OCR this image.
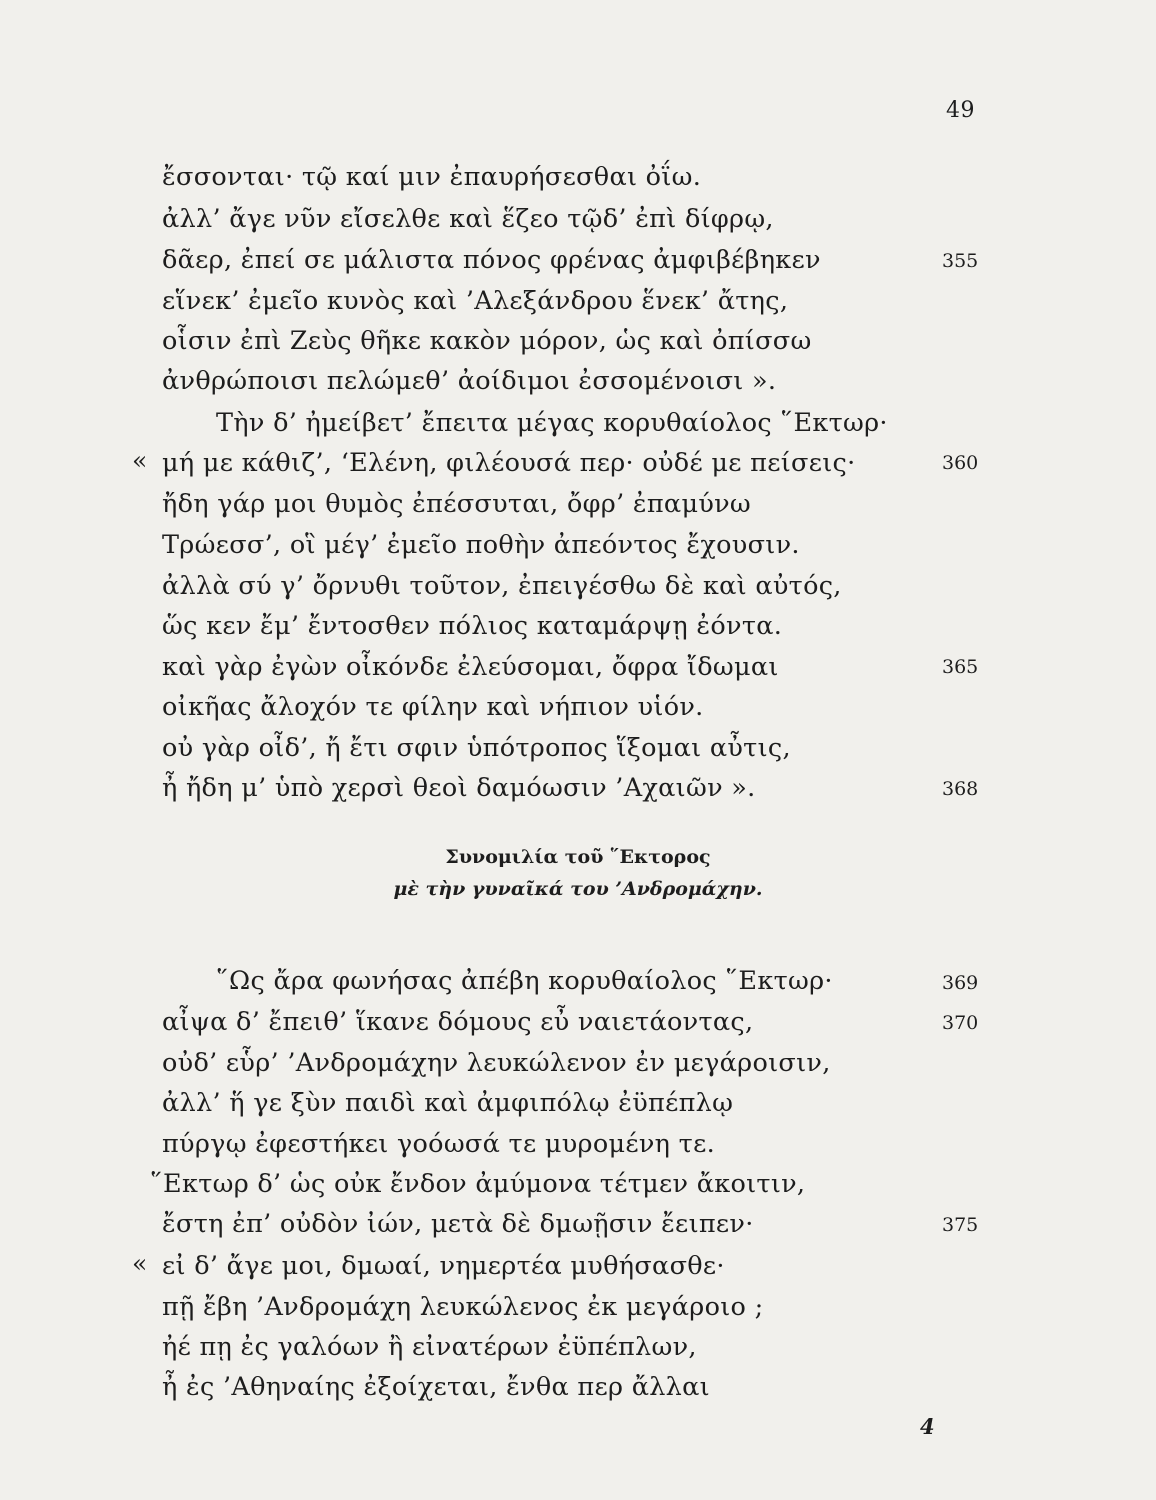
49
ἔσσονται· τῷ καί μιν ἐπαυρήσεσθαι ὀΐω.
ἀλλ’ ἄγε νῦν εἴσελθε καὶ ἕζεο τῷδ’ ἐπὶ δίφρῳ,
δᾶερ, ἐπεί σε μάλιστα πόνος φρένας ἀμφιβέβηκεν	355
εἵνεκ’ ἐμεῖο κυνὸς καὶ ’Αλεξάνδρου ἕνεκ’ ἄτης,
οἷσιν ἐπὶ Ζεὺς θῆκε κακὸν μόρον, ὡς καὶ ὀπίσσω
ἀνθρώποισι πελώμεθ’ ἀοίδιμοι ἐσσομένοισι ».
Τὴν δ’ ἠμείβετ’ ἔπειτα μέγας κορυθαίολος ῞Εκτωρ·
« μή με κάθιζ’, ‘Ελένη, φιλέουσά περ· οὐδέ με πείσεις·	360
ἤδη γάρ μοι θυμὸς ἐπέσσυται, ὄφρ’ ἐπαμύνω
Τρώεσσ’, οἳ μέγ’ ἐμεῖο ποθὴν ἀπεόντος ἔχουσιν.
ἀλλὰ σύ γ’ ὄρνυθι τοῦτον, ἐπειγέσθω δὲ καὶ αὐτός,
ὥς κεν ἔμ’ ἔντοσθεν πόλιος καταμάρψῃ ἐόντα.
καὶ γὰρ ἐγὼν οἶκόνδε ἐλεύσομαι, ὄφρα ἴδωμαι	365
οἰκῆας ἄλοχόν τε φίλην καὶ νήπιον υἱόν.
οὐ γὰρ οἶδ’, ἤ ἔτι σφιν ὑπότροπος ἵξομαι αὖτις,
ἦ ἤδη μ’ ὑπὸ χερσὶ θεοὶ δαμόωσιν ’Αχαιῶν ».	368
Συνομιλία τοῦ ῞Εκτορος
μὲ τὴν γυναῖκά του ’Ανδρομάχην.
῞Ως ἄρα φωνήσας ἀπέβη κορυθαίολος ῞Εκτωρ·	369
αἶψα δ’ ἔπειθ’ ἵκανε δόμους εὖ ναιετάοντας,	370
οὐδ’ εὗρ’ ’Ανδρομάχην λευκώλενον ἐν μεγάροισιν,
ἀλλ’ ἥ γε ξὺν παιδὶ καὶ ἀμφιπόλῳ ἐϋπέπλῳ
πύργῳ ἐφεστήκει γοόωσά τε μυρομένη τε.
῞Εκτωρ δ’ ὡς οὐκ ἔνδον ἀμύμονα τέτμεν ἄκοιτιν,
ἔστη ἐπ’ οὐδὸν ἰών, μετὰ δὲ δμωῇσιν ἔειπεν·	375
« εἰ δ’ ἄγε μοι, δμωαί, νημερτέα μυθήσασθε·
πῇ ἔβη ’Ανδρομάχη λευκώλενος ἐκ μεγάροιο ;
ἠέ πῃ ἐς γαλόων ἢ εἰνατέρων ἐϋπέπλων,
ἦ ἐς ’Αθηναίης ἐξοίχεται, ἔνθα περ ἄλλαι
4
